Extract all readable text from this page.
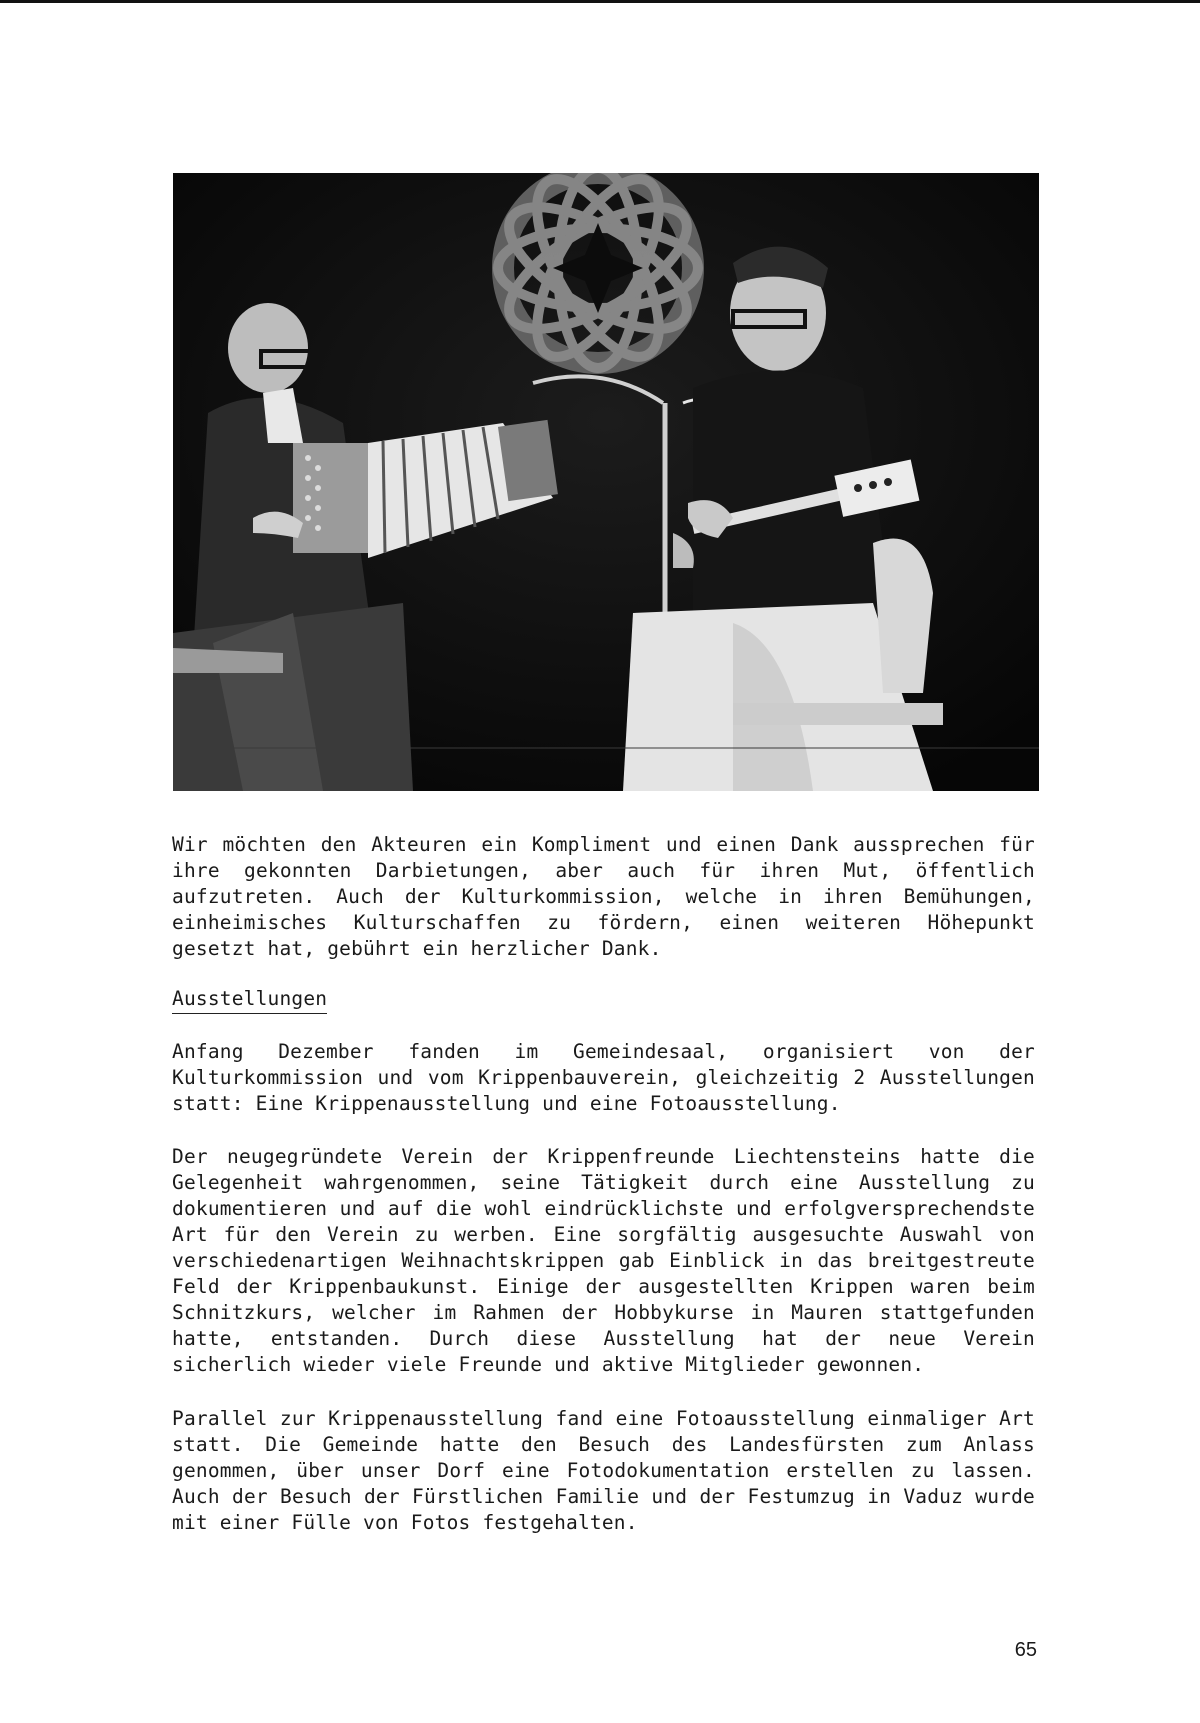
Wir möchten den Akteuren ein Kompliment und einen Dank aussprechen für ihre gekonnten Darbietungen, aber auch für ihren Mut, öffentlich aufzutreten. Auch der Kulturkommission, welche in ihren Bemühungen, einheimisches Kulturschaffen zu fördern, einen weiteren Höhepunkt gesetzt hat, gebührt ein herzlicher Dank.

Ausstellungen

Anfang Dezember fanden im Gemeindesaal, organisiert von der Kulturkommission und vom Krippenbauverein, gleichzeitig 2 Ausstellungen statt: Eine Krippenausstellung und eine Fotoausstellung.

Der neugegründete Verein der Krippenfreunde Liechtensteins hatte die Gelegenheit wahrgenommen, seine Tätigkeit durch eine Ausstellung zu dokumentieren und auf die wohl eindrücklichste und erfolgversprechendste Art für den Verein zu werben. Eine sorgfältig ausgesuchte Auswahl von verschiedenartigen Weihnachtskrippen gab Einblick in das breitgestreute Feld der Krippenbaukunst. Einige der ausgestellten Krippen waren beim Schnitzkurs, welcher im Rahmen der Hobbykurse in Mauren stattgefunden hatte, entstanden. Durch diese Ausstellung hat der neue Verein sicherlich wieder viele Freunde und aktive Mitglieder gewonnen.

Parallel zur Krippenausstellung fand eine Fotoausstellung einmaliger Art statt. Die Gemeinde hatte den Besuch des Landesfürsten zum Anlass genommen, über unser Dorf eine Fotodokumentation erstellen zu lassen. Auch der Besuch der Fürstlichen Familie und der Festumzug in Vaduz wurde mit einer Fülle von Fotos festgehalten.

65
